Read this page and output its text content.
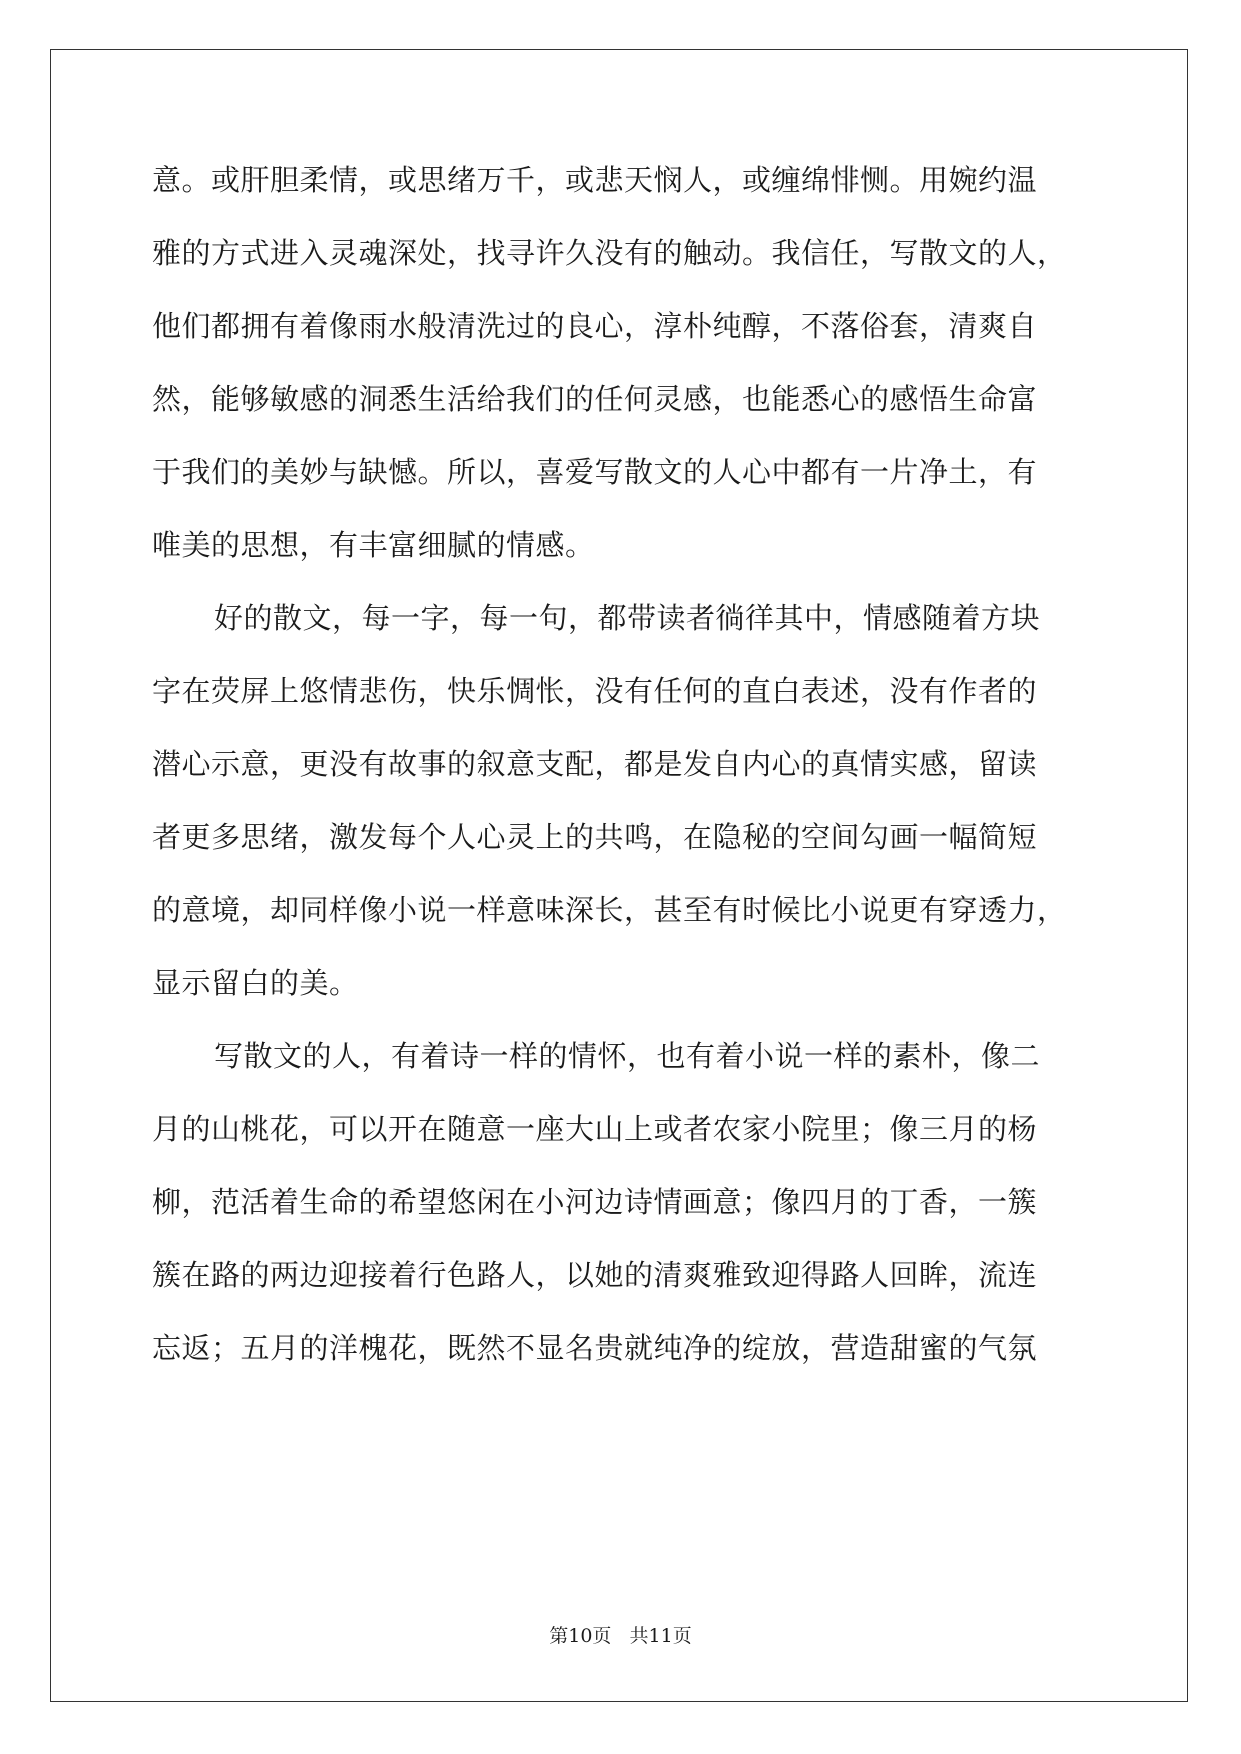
意。或肝胆柔情，或思绪万千，或悲天悯人，或缠绵悱恻。用婉约温
雅的方式进入灵魂深处，找寻许久没有的触动。我信任，写散文的人，
他们都拥有着像雨水般清洗过的良心，淳朴纯醇，不落俗套，清爽自
然，能够敏感的洞悉生活给我们的任何灵感，也能悉心的感悟生命富
于我们的美妙与缺憾。所以，喜爱写散文的人心中都有一片净土，有
唯美的思想，有丰富细腻的情感。
好的散文，每一字，每一句，都带读者徜徉其中，情感随着方块
字在荧屏上悠情悲伤，快乐惆怅，没有任何的直白表述，没有作者的
潜心示意，更没有故事的叙意支配，都是发自内心的真情实感，留读
者更多思绪，激发每个人心灵上的共鸣，在隐秘的空间勾画一幅简短
的意境，却同样像小说一样意味深长，甚至有时候比小说更有穿透力，
显示留白的美。
写散文的人，有着诗一样的情怀，也有着小说一样的素朴，像二
月的山桃花，可以开在随意一座大山上或者农家小院里；像三月的杨
柳，范活着生命的希望悠闲在小河边诗情画意；像四月的丁香，一簇
簇在路的两边迎接着行色路人，以她的清爽雅致迎得路人回眸，流连
忘返；五月的洋槐花，既然不显名贵就纯净的绽放，营造甜蜜的气氛
第10页   共11页
